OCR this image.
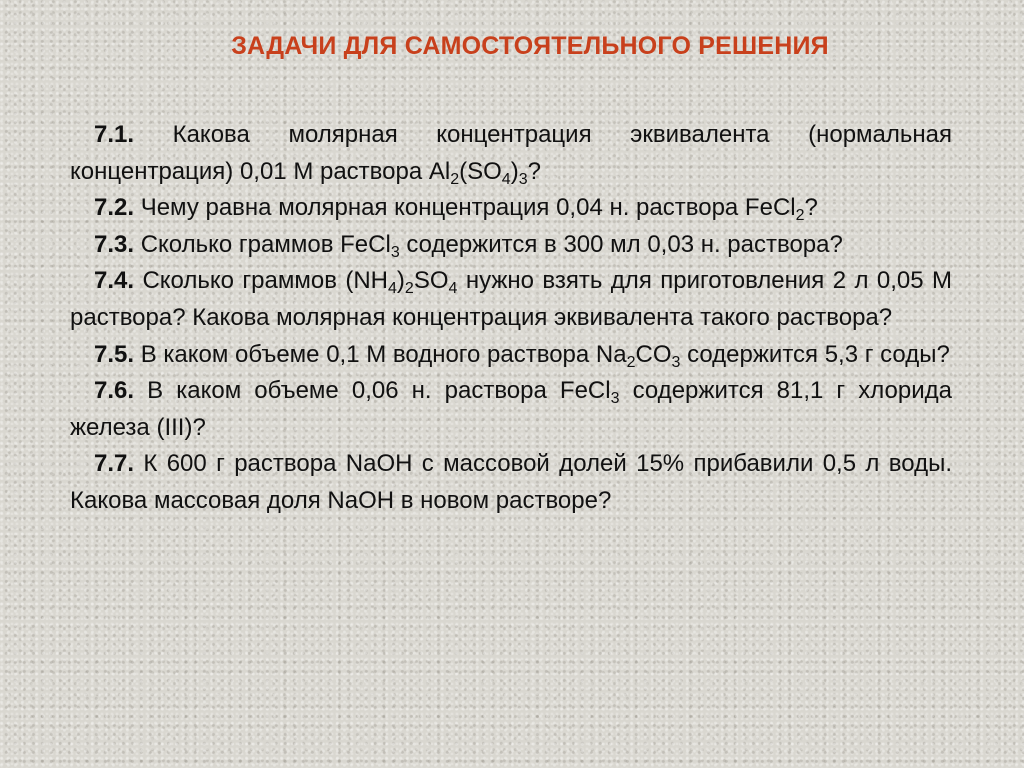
ЗАДАЧИ ДЛЯ САМОСТОЯТЕЛЬНОГО РЕШЕНИЯ

7.1. Какова молярная концентрация эквивалента (нормальная концентрация) 0,01 М раствора $Al_2(SO_4)_3$?

7.2. Чему равна молярная концентрация 0,04 н. раствора FeCl$_2$?

7.3. Сколько граммов FeCl$_3$ содержится в 300 мл 0,03 н. раствора?

7.4. Сколько граммов $(NH_4)_2SO_4$ нужно взять для приготовления 2 л 0,05 М раствора? Какова молярная концентрация эквивалента такого раствора?

7.5. В каком объеме 0,1 М водного раствора $Na_2CO_3$ содержится 5,3 г соды?

7.6. В каком объеме 0,06 н. раствора FeCl$_3$ содержится 81,1 г хлорида железа (III)?

7.7. К 600 г раствора NaOH с массовой долей 15% прибавили 0,5 л воды. Какова массовая доля NaOH в новом растворе?
